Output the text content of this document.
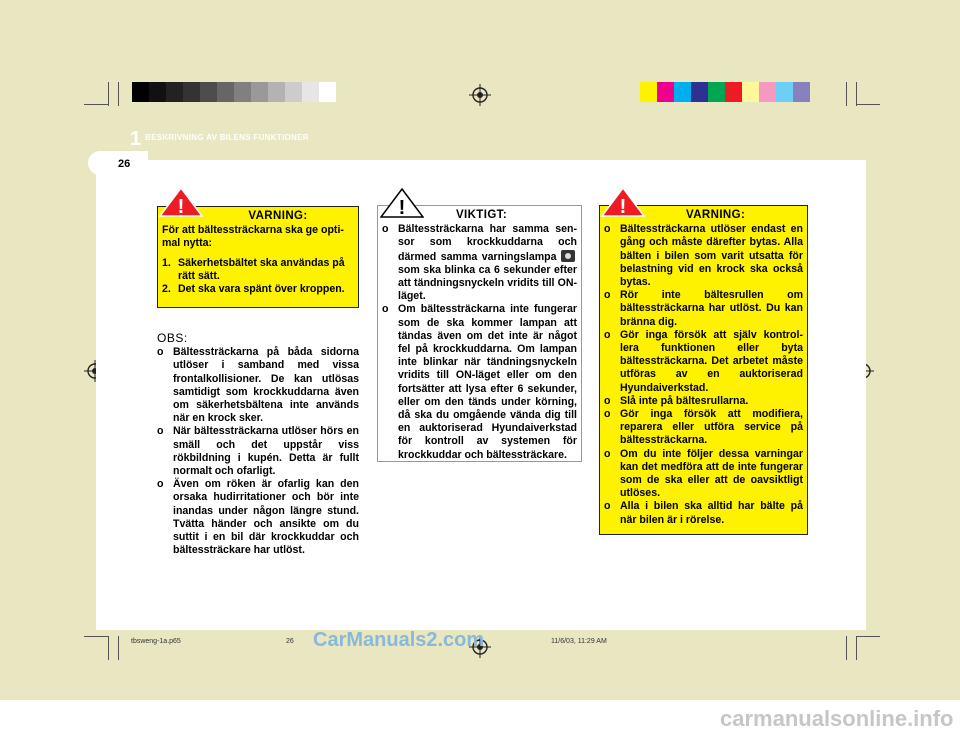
1 BESKRIVNING AV BILENS FUNKTIONER
26
VARNING:
För att bältessträckarna ska ge opti- mal nytta:
1. Säkerhetsbältet ska användas på rätt sätt.
2. Det ska vara spänt över kroppen.
!
OBS:
o Bältessträckarna på båda sidorna utlöser i samband med vissa frontalkollisioner. De kan utlösas samtidigt som krockkuddarna även om säkerhetsbältena inte används när en krock sker.
o När bältessträckarna utlöser hörs en smäll och det uppstår viss rökbildning i kupén. Detta är fullt normalt och ofarligt.
o Även om röken är ofarlig kan den orsaka hudirritationer och bör inte inandas under någon längre stund. Tvätta händer och ansikte om du suttit i en bil där krockkuddar och bältessträckare har utlöst.
VIKTIGT:
o Bältessträckarna har samma sen- sor som krockkuddarna och därmed samma varningslampa  som ska blinka ca 6 sekunder efter att tändningsnyckeln vridits till ON-läget.
o Om bältessträckarna inte fungerar som de ska kommer lampan att tändas även om det inte är något fel på krockkuddarna. Om lampan inte blinkar när tändningsnyckeln vridits till ON-läget eller om den fortsätter att lysa efter 6 sekunder, eller om den tänds under körning, då ska du omgående vända dig till en auktoriserad Hyundaiverkstad för kontroll av systemen för krockkuddar och bältessträckare.
!	VARNING:
o Bältessträckarna utlöser endast en gång och måste därefter bytas. Alla bälten i bilen som varit utsatta för belastning vid en krock ska också bytas.
o Rör inte bältesrullen om bältessträckarna har utlöst. Du kan bränna dig.
o Gör inga försök att själv kontrol- lera funktionen eller byta bältessträckarna. Det arbetet måste utföras av en auktoriserad Hyundaiverkstad.
o Slå inte på bältesrullarna.
o Gör inga försök att modifiera, reparera eller utföra service på bältessträckarna.
o Om du inte följer dessa varningar kan det medföra att de inte fungerar som de ska eller att de oavsiktligt utlöses.
o Alla i bilen ska alltid har bälte på när bilen är i rörelse.
!
tbsweng-1a.p65	26	11/6/03, 11:29 AM
CarManuals2.com
carmanualsonline.info
